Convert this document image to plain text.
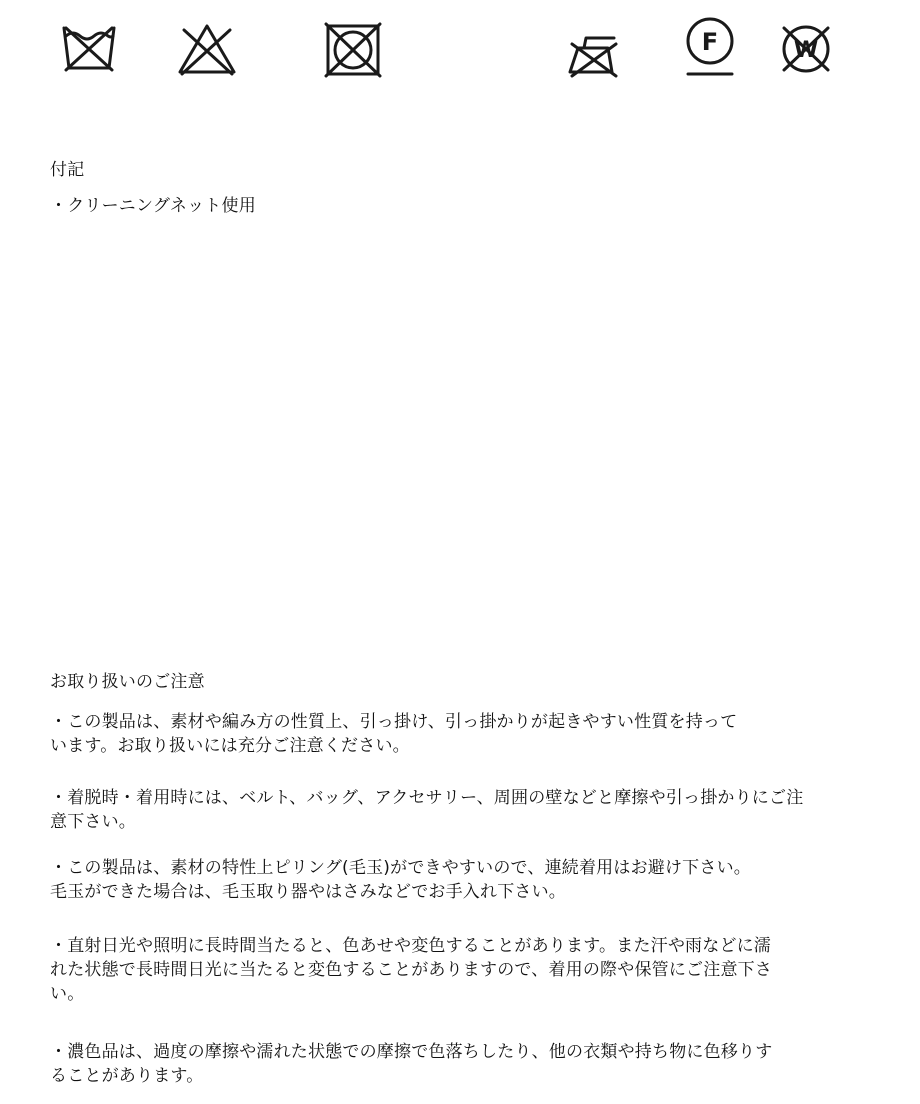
F	W
付記
・クリーニングネット使用
お取り扱いのご注意
・この製品は、素材や編み方の性質上、引っ掛け、引っ掛かりが起きやすい性質を持って
います。お取り扱いには充分ご注意ください。
・着脱時・着用時には、ベルト、バッグ、アクセサリー、周囲の壁などと摩擦や引っ掛かりにご注
意下さい。
・この製品は、素材の特性上ピリング(毛玉)ができやすいので、連続着用はお避け下さい。
毛玉ができた場合は、毛玉取り器やはさみなどでお手入れ下さい。
・直射日光や照明に長時間当たると、色あせや変色することがあります。また汗や雨などに濡
れた状態で長時間日光に当たると変色することがありますので、着用の際や保管にご注意下さ
い。
・濃色品は、過度の摩擦や濡れた状態での摩擦で色落ちしたり、他の衣類や持ち物に色移りす
ることがあります。
